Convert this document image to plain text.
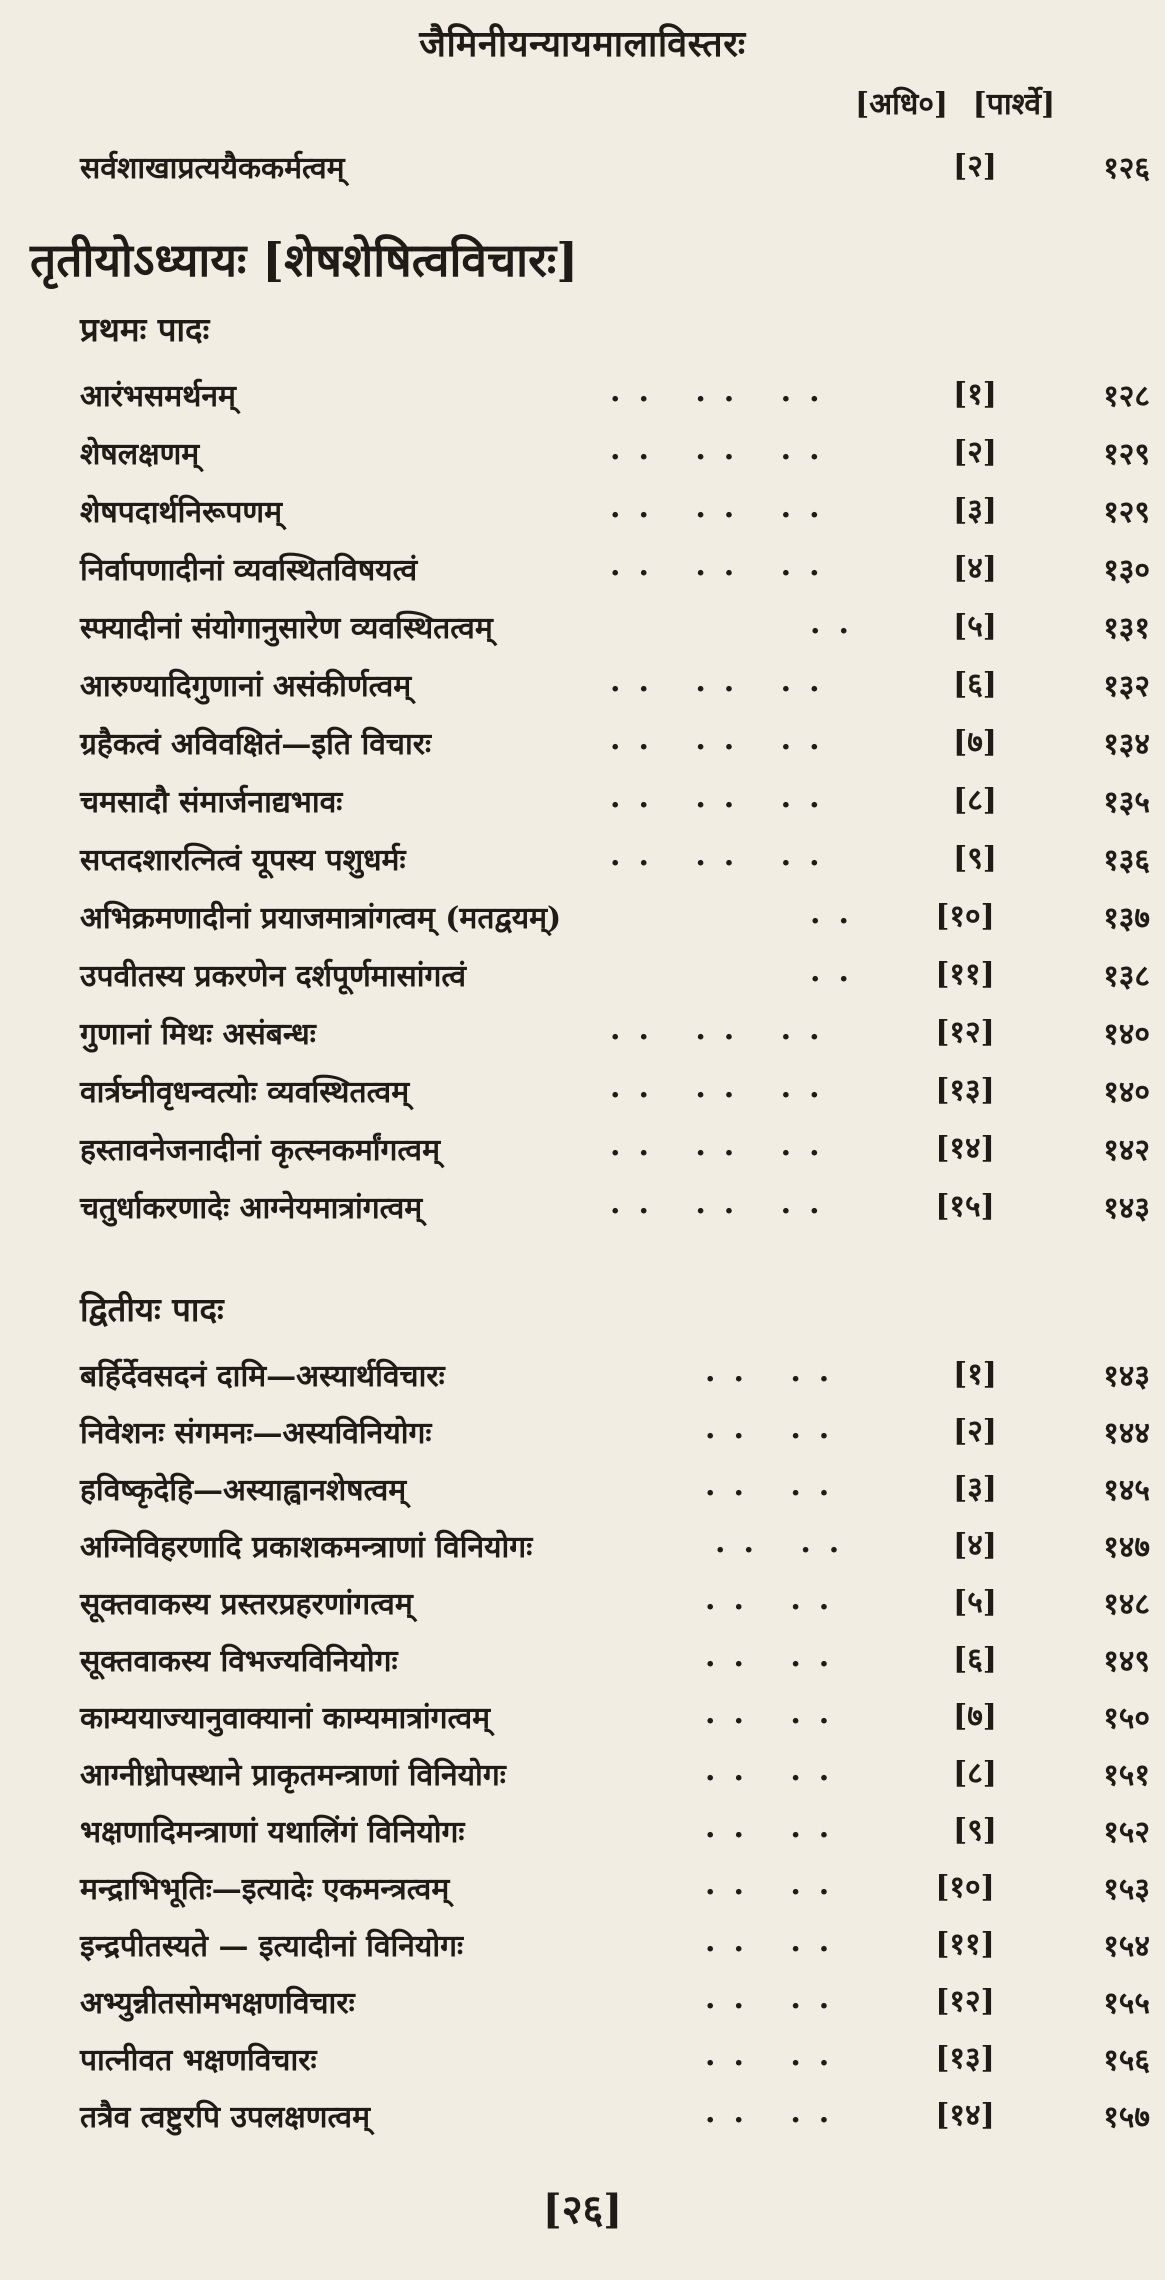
जैमिनीयन्यायमालाविस्तरः
[अधि०] [पार्श्वे]
सर्वशाखाप्रत्ययैककर्मत्वम्	[२]	१२६
तृतीयोऽध्यायः [शेषशेषित्वविचारः]
प्रथमः पादः
आरंभसमर्थनम्	.. .. ..	[१]	१२८
शेषलक्षणम्	.. .. ..	[२]	१२९
शेषपदार्थनिरूपणम्	.. .. ..	[३]	१२९
निर्वापणादीनां व्यवस्थितविषयत्वं	.. .. ..	[४]	१३०
स्फ्यादीनां संयोगानुसारेण व्यवस्थितत्वम्	..	[५]	१३१
आरुण्यादिगुणानां असंकीर्णत्वम्	.. .. ..	[६]	१३२
ग्रहैकत्वं अविवक्षितं—इति विचारः	.. .. ..	[७]	१३४
चमसादौ संमार्जनाद्यभावः	.. .. ..	[८]	१३५
सप्तदशारत्नित्वं यूपस्य पशुधर्मः	.. .. ..	[९]	१३६
अभिक्रमणादीनां प्रयाजमात्रांगत्वम् (मतद्वयम्)	..	[१०]	१३७
उपवीतस्य प्रकरणेन दर्शपूर्णमासांगत्वं	..	[११]	१३८
गुणानां मिथः असंबन्धः	.. .. ..	[१२]	१४०
वार्त्रघ्नीवृधन्वत्योः व्यवस्थितत्वम्	.. .. ..	[१३]	१४०
हस्तावनेजनादीनां कृत्स्नकर्मांगत्वम्	.. .. ..	[१४]	१४२
चतुर्धाकरणादेः आग्नेयमात्रांगत्वम्	.. .. ..	[१५]	१४३
द्वितीयः पादः
बर्हिर्देवसदनं दामि—अस्यार्थविचारः	.. ..	[१]	१४३
निवेशनः संगमनः—अस्यविनियोगः	.. ..	[२]	१४४
हविष्कृदेहि—अस्याह्वानशेषत्वम्	.. ..	[३]	१४५
अग्निविहरणादि प्रकाशकमन्त्राणां विनियोगः	.. ..	[४]	१४७
सूक्तवाकस्य प्रस्तरप्रहरणांगत्वम्	.. ..	[५]	१४८
सूक्तवाकस्य विभज्यविनियोगः	.. ..	[६]	१४९
काम्ययाज्यानुवाक्यानां काम्यमात्रांगत्वम्	.. ..	[७]	१५०
आग्नीध्रोपस्थाने प्राकृतमन्त्राणां विनियोगः	.. ..	[८]	१५१
भक्षणादिमन्त्राणां यथालिंगं विनियोगः	.. ..	[९]	१५२
मन्द्राभिभूतिः—इत्यादेः एकमन्त्रत्वम्	.. ..	[१०]	१५३
इन्द्रपीतस्यते — इत्यादीनां विनियोगः	.. ..	[११]	१५४
अभ्युन्नीतसोमभक्षणविचारः	.. ..	[१२]	१५५
पात्नीवत भक्षणविचारः	.. ..	[१३]	१५६
तत्रैव त्वष्टुरपि उपलक्षणत्वम्	.. ..	[१४]	१५७
[२६]
